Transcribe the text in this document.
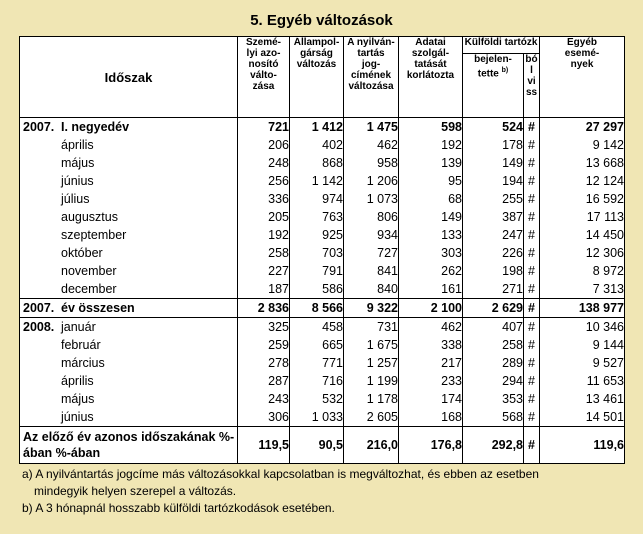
5. Egyéb változások
Időszak	Szemé-
lyi azo-
nosító
válto-
zása	Állampol-
gárság
változás	A nyilván-
tartás
jog-
címének
változása	Adatai
szolgál-
tatását
korlátozta	Külföldi tartózk		Egyéb
esemé-
nyek
					bejelen-
tette $^{b)}$	bó
l
vi
ss	
2007. I. negyedév	721	1 412	1 475	598	524	#	27 297
április	206	402	462	192	178	#	9 142
május	248	868	958	139	149	#	13 668
június	256	1 142	1 206	95	194	#	12 124
július	336	974	1 073	68	255	#	16 592
augusztus	205	763	806	149	387	#	17 113
szeptember	192	925	934	133	247	#	14 450
október	258	703	727	303	226	#	12 306
november	227	791	841	262	198	#	8 972
december	187	586	840	161	271	#	7 313
2007. év összesen	2 836	8 566	9 322	2 100	2 629	#	138 977
2008. január	325	458	731	462	407	#	10 346
február	259	665	1 675	338	258	#	9 144
március	278	771	1 257	217	289	#	9 527
április	287	716	1 199	233	294	#	11 653
május	243	532	1 178	174	353	#	13 461
június	306	1 033	2 605	168	568	#	14 501
Az előző év azonos időszakának %-ában %-ában	119,5	90,5	216,0	176,8	292,8	#	119,6
a) A nyilvántartás jogcíme más változásokkal kapcsolatban is megváltozhat, és ebben az esetben
mindegyik helyen szerepel a változás.
b) A 3 hónapnál hosszabb külföldi tartózkodások esetében.
